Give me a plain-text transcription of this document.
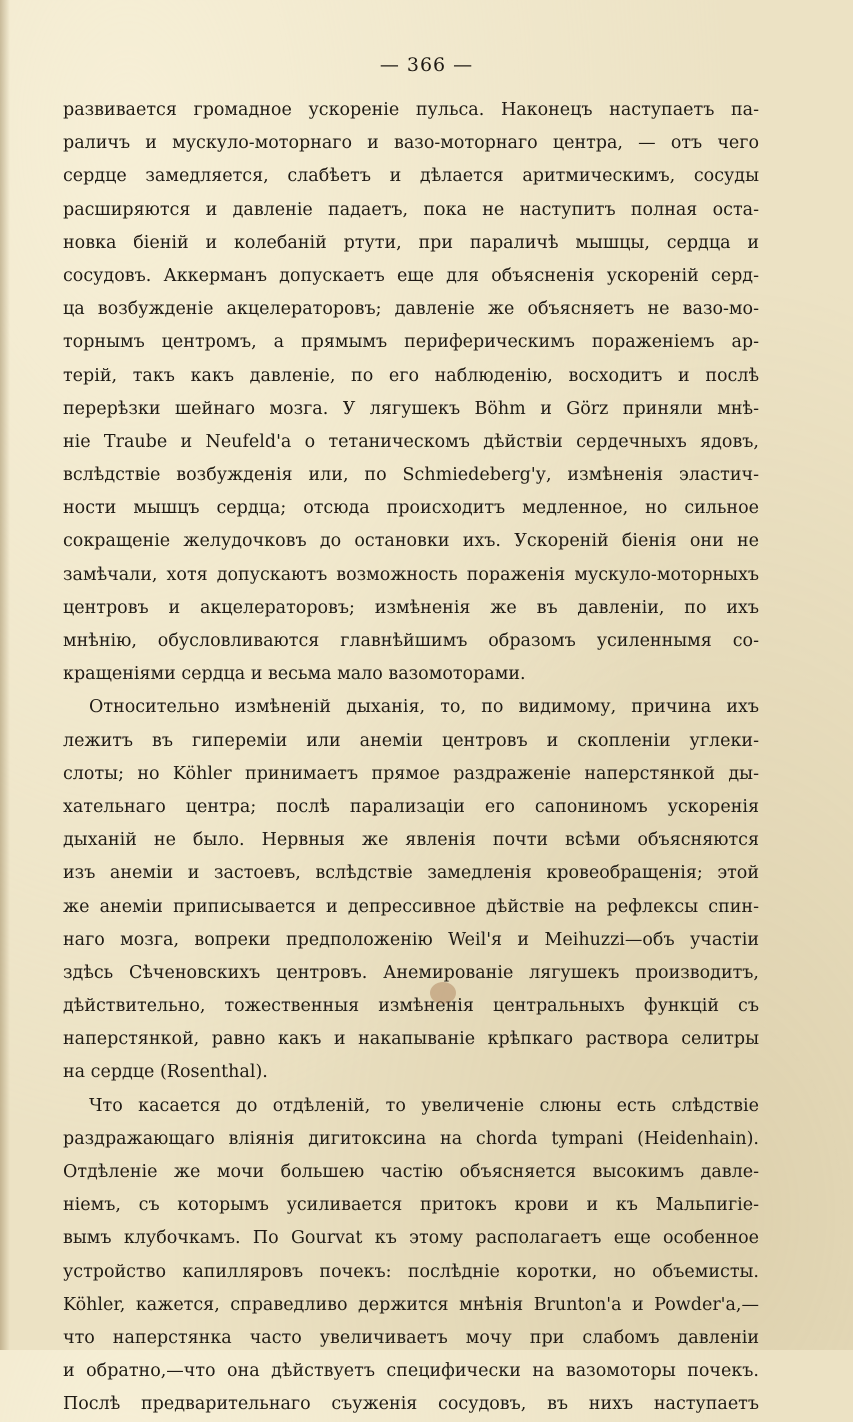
— 366 —
развивается громадное ускореніе пульса. Наконецъ наступаетъ па-
раличъ и мускуло-моторнаго и вазо-моторнаго центра, — отъ чего
сердце замедляется, слабѣетъ и дѣлается аритмическимъ, сосуды
расширяются и давленіе падаетъ, пока не наступитъ полная оста-
новка біеній и колебаній ртути, при параличѣ мышцы, сердца и
сосудовъ. Аккерманъ допускаетъ еще для объясненія ускореній серд-
ца возбужденіе акцелераторовъ; давленіе же объясняетъ не вазо-мо-
торнымъ центромъ, а прямымъ периферическимъ пораженіемъ ар-
терій, такъ какъ давленіе, по его наблюденію, восходитъ и послѣ
перерѣзки шейнаго мозга. У лягушекъ Böhm и Görz приняли мнѣ-
ніе Traube и Neufeld'а о тетаническомъ дѣйствіи сердечныхъ ядовъ,
вслѣдствіе возбужденія или, по Schmiedeberg'у, измѣненія эластич-
ности мышцъ сердца; отсюда происходитъ медленное, но сильное
сокращеніе желудочковъ до остановки ихъ. Ускореній біенія они не
замѣчали, хотя допускаютъ возможность пораженія мускуло-моторныхъ
центровъ и акцелераторовъ; измѣненія же въ давленіи, по ихъ
мнѣнію, обусловливаются главнѣйшимъ образомъ усиленнымя со-
кращеніями сердца и весьма мало вазомоторами.
Относительно измѣненій дыханія, то, по видимому, причина ихъ
лежитъ въ гипереміи или анеміи центровъ и скопленіи углеки-
слоты; но Köhler принимаетъ прямое раздраженіе наперстянкой ды-
хательнаго центра; послѣ парализаціи его сапониномъ ускоренія
дыханій не было. Нервныя же явленія почти всѣми объясняются
изъ анеміи и застоевъ, вслѣдствіе замедленія кровеобращенія; этой
же анеміи приписывается и депрессивное дѣйствіе на рефлексы спин-
наго мозга, вопреки предположенію Weil'я и Meihuzzi—объ участіи
здѣсь Сѣченовскихъ центровъ. Анемированіе лягушекъ производитъ,
дѣйствительно, тожественныя измѣненія центральныхъ функцій съ
наперстянкой, равно какъ и накапываніе крѣпкаго раствора селитры
на сердце (Rosenthal).
Что касается до отдѣленій, то увеличеніе слюны есть слѣдствіе
раздражающаго вліянія дигитоксина на chorda tympani (Heidenhain).
Отдѣленіе же мочи большею частію объясняется высокимъ давле-
ніемъ, съ которымъ усиливается притокъ крови и къ Мальпигіе-
вымъ клубочкамъ. По Gourvat къ этому располагаетъ еще особенное
устройство капилляровъ почекъ: послѣдніе коротки, но объемисты.
Köhler, кажется, справедливо держится мнѣнія Brunton'а и Powder'а,—
что наперстянка часто увеличиваетъ мочу при слабомъ давленіи
и обратно,—что она дѣйствуетъ специфически на вазомоторы почекъ.
Послѣ предварительнаго съуженія сосудовъ, въ нихъ наступаетъ
